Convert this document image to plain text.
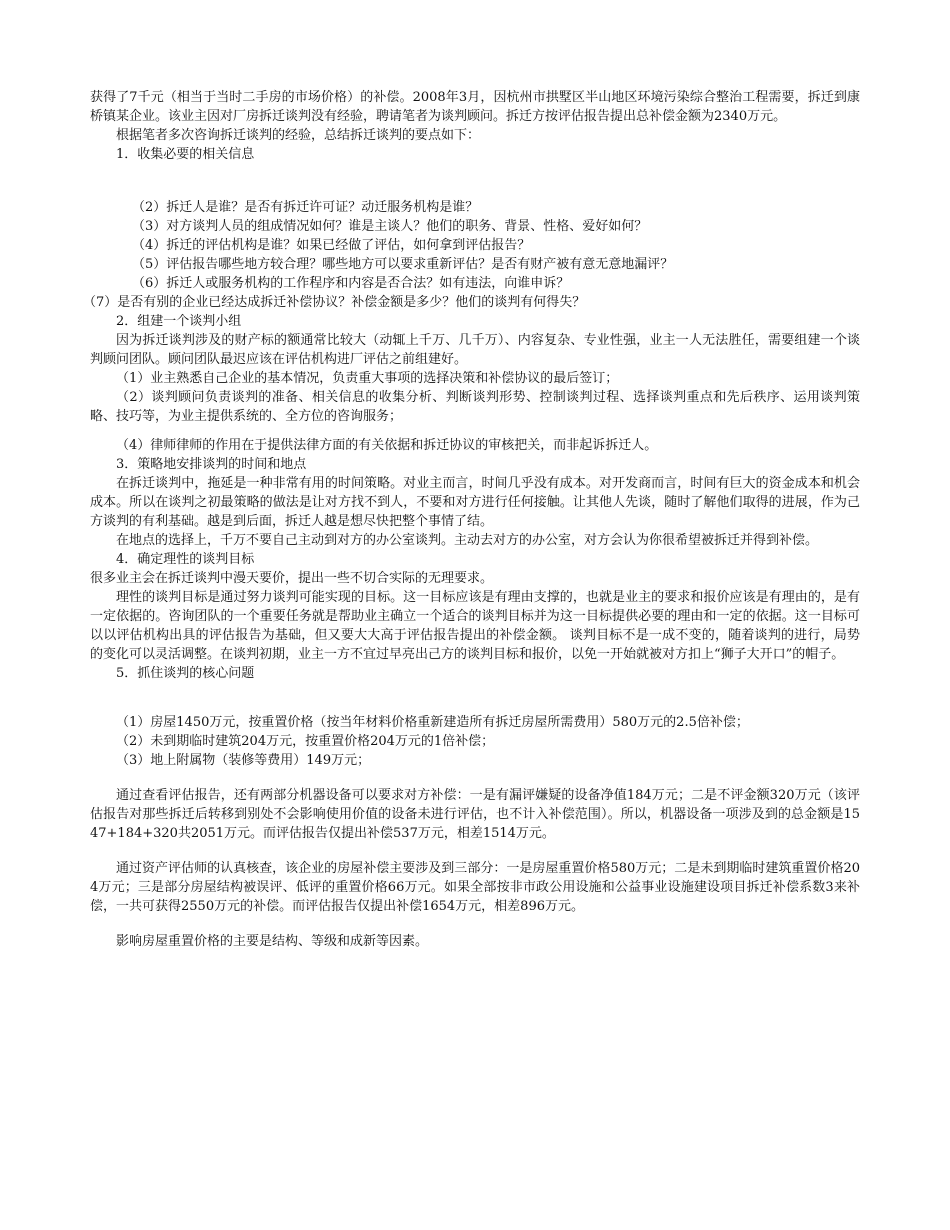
获得了7千元（相当于当时二手房的市场价格）的补偿。2008年3月，因杭州市拱墅区半山地区环境污染综合整治工程需要，拆迁到康桥镇某企业。该业主因对厂房拆迁谈判没有经验，聘请笔者为谈判顾问。拆迁方按评估报告提出总补偿金额为2340万元。

根据笔者多次咨询拆迁谈判的经验，总结拆迁谈判的要点如下：

1．收集必要的相关信息

（2）拆迁人是谁？是否有拆迁许可证？动迁服务机构是谁？

（3）对方谈判人员的组成情况如何？谁是主谈人？他们的职务、背景、性格、爱好如何？

（4）拆迁的评估机构是谁？如果已经做了评估，如何拿到评估报告？

（5）评估报告哪些地方较合理？哪些地方可以要求重新评估？是否有财产被有意无意地漏评？

（6）拆迁人或服务机构的工作程序和内容是否合法？如有违法，向谁申诉？

（7）是否有别的企业已经达成拆迁补偿协议？补偿金额是多少？他们的谈判有何得失？

2．组建一个谈判小组

因为拆迁谈判涉及的财产标的额通常比较大（动辄上千万、几千万）、内容复杂、专业性强，业主一人无法胜任，需要组建一个谈判顾问团队。顾问团队最迟应该在评估机构进厂评估之前组建好。

（1）业主熟悉自己企业的基本情况，负责重大事项的选择决策和补偿协议的最后签订；

（2）谈判顾问负责谈判的准备、相关信息的收集分析、判断谈判形势、控制谈判过程、选择谈判重点和先后秩序、运用谈判策略、技巧等，为业主提供系统的、全方位的咨询服务；

（4）律师律师的作用在于提供法律方面的有关依据和拆迁协议的审核把关，而非起诉拆迁人。

3．策略地安排谈判的时间和地点

在拆迁谈判中，拖延是一种非常有用的时间策略。对业主而言，时间几乎没有成本。对开发商而言，时间有巨大的资金成本和机会成本。所以在谈判之初最策略的做法是让对方找不到人，不要和对方进行任何接触。让其他人先谈，随时了解他们取得的进展，作为己方谈判的有利基础。越是到后面，拆迁人越是想尽快把整个事情了结。

在地点的选择上，千万不要自己主动到对方的办公室谈判。主动去对方的办公室，对方会认为你很希望被拆迁并得到补偿。

4．确定理性的谈判目标

很多业主会在拆迁谈判中漫天要价，提出一些不切合实际的无理要求。

理性的谈判目标是通过努力谈判可能实现的目标。这一目标应该是有理由支撑的，也就是业主的要求和报价应该是有理由的，是有一定依据的。咨询团队的一个重要任务就是帮助业主确立一个适合的谈判目标并为这一目标提供必要的理由和一定的依据。这一目标可以以评估机构出具的评估报告为基础，但又要大大高于评估报告提出的补偿金额。 谈判目标不是一成不变的，随着谈判的进行，局势的变化可以灵活调整。在谈判初期，业主一方不宜过早亮出己方的谈判目标和报价，以免一开始就被对方扣上“狮子大开口”的帽子。

5．抓住谈判的核心问题

（1）房屋1450万元，按重置价格（按当年材料价格重新建造所有拆迁房屋所需费用）580万元的2.5倍补偿；

（2）未到期临时建筑204万元，按重置价格204万元的1倍补偿；

（3）地上附属物（装修等费用）149万元；

通过查看评估报告，还有两部分机器设备可以要求对方补偿：一是有漏评嫌疑的设备净值184万元；二是不评金额320万元（该评估报告对那些拆迁后转移到别处不会影响使用价值的设备未进行评估，也不计入补偿范围）。所以，机器设备一项涉及到的总金额是1547+184+320共2051万元。而评估报告仅提出补偿537万元，相差1514万元。

通过资产评估师的认真核查，该企业的房屋补偿主要涉及到三部分：一是房屋重置价格580万元；二是未到期临时建筑重置价格204万元；三是部分房屋结构被误评、低评的重置价格66万元。如果全部按非市政公用设施和公益事业设施建设项目拆迁补偿系数3来补偿，一共可获得2550万元的补偿。而评估报告仅提出补偿1654万元，相差896万元。

影响房屋重置价格的主要是结构、等级和成新等因素。
